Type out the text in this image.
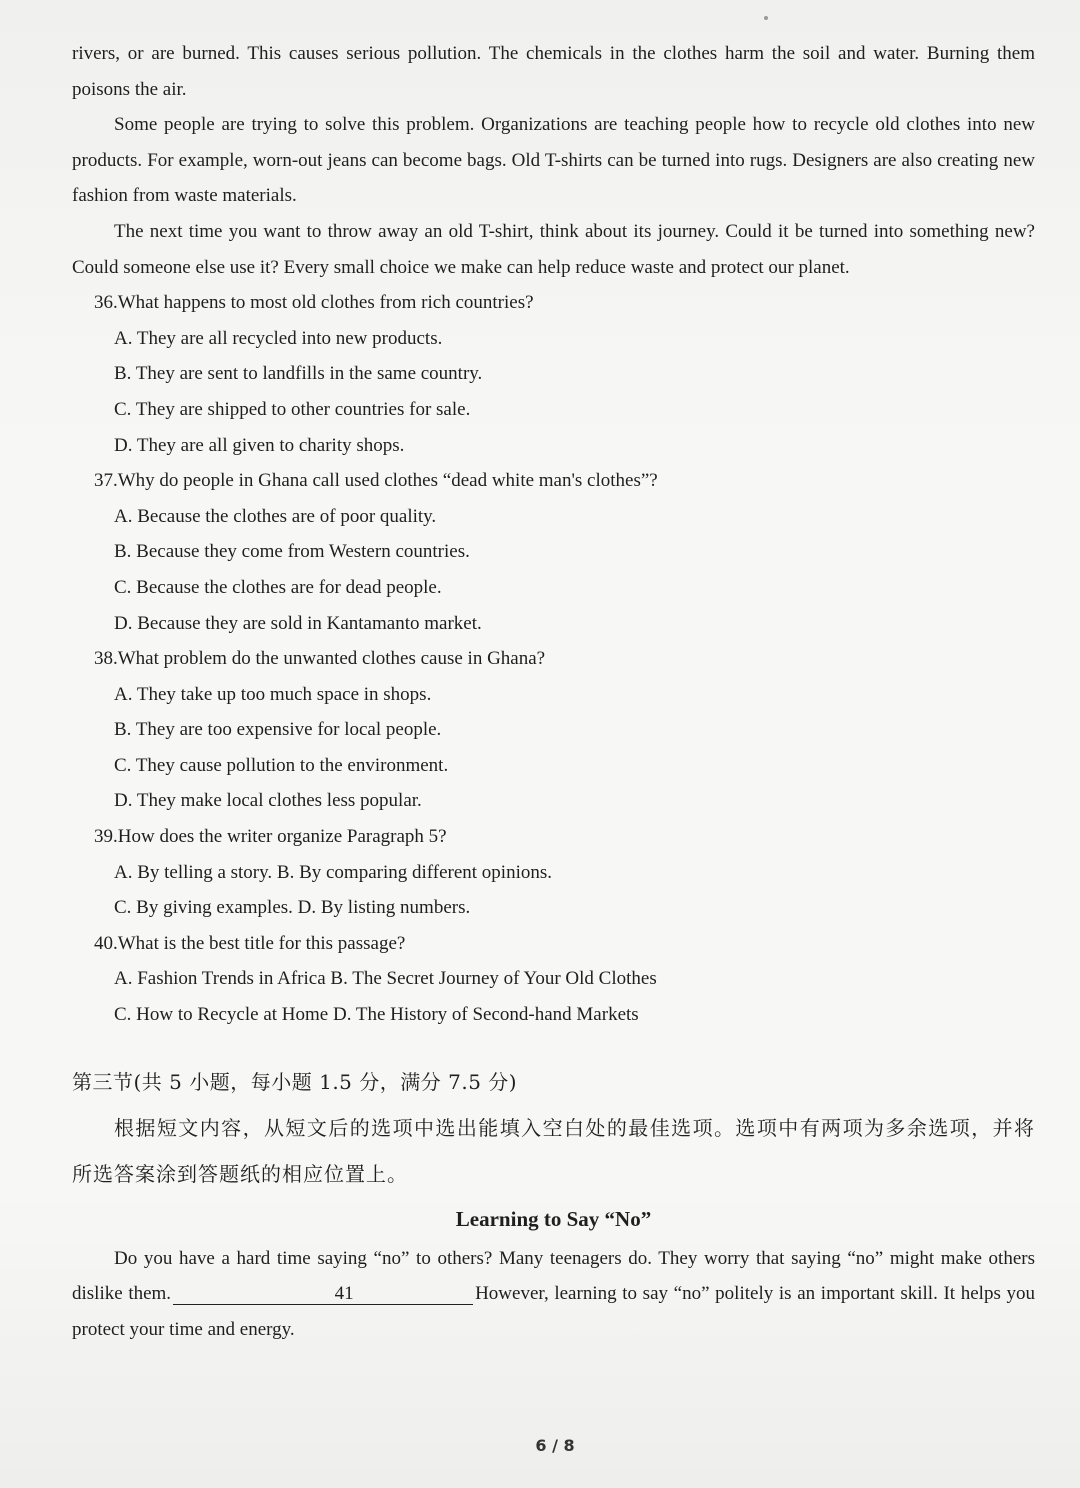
rivers, or are burned. This causes serious pollution. The chemicals in the clothes harm the soil and water. Burning them poisons the air.

Some people are trying to solve this problem. Organizations are teaching people how to recycle old clothes into new products. For example, worn-out jeans can become bags. Old T-shirts can be turned into rugs. Designers are also creating new fashion from waste materials.

The next time you want to throw away an old T-shirt, think about its journey. Could it be turned into something new? Could someone else use it? Every small choice we make can help reduce waste and protect our planet.

36.What happens to most old clothes from rich countries?

A. They are all recycled into new products.

B. They are sent to landfills in the same country.

C. They are shipped to other countries for sale.

D. They are all given to charity shops.

37.Why do people in Ghana call used clothes “dead white man's clothes”?

A. Because the clothes are of poor quality.

B. Because they come from Western countries.

C. Because the clothes are for dead people.

D. Because they are sold in Kantamanto market.

38.What problem do the unwanted clothes cause in Ghana?

A. They take up too much space in shops.

B. They are too expensive for local people.

C. They cause pollution to the environment.

D. They make local clothes less popular.

39.How does the writer organize Paragraph 5?

A. By telling a story. B. By comparing different opinions.

C. By giving examples. D. By listing numbers.

40.What is the best title for this passage?

A. Fashion Trends in Africa B. The Secret Journey of Your Old Clothes

C. How to Recycle at Home D. The History of Second-hand Markets

第三节(共 5 小题，每小题 1.5 分，满分 7.5 分)

根据短文内容，从短文后的选项中选出能填入空白处的最佳选项。选项中有两项为多余选项，并将所选答案涂到答题纸的相应位置上。

Learning to Say “No”

Do you have a hard time saying “no” to others? Many teenagers do. They worry that saying “no” might make others dislike them.	41	However, learning to say “no” politely is an important skill. It helps you protect your time and energy.

6 / 8
